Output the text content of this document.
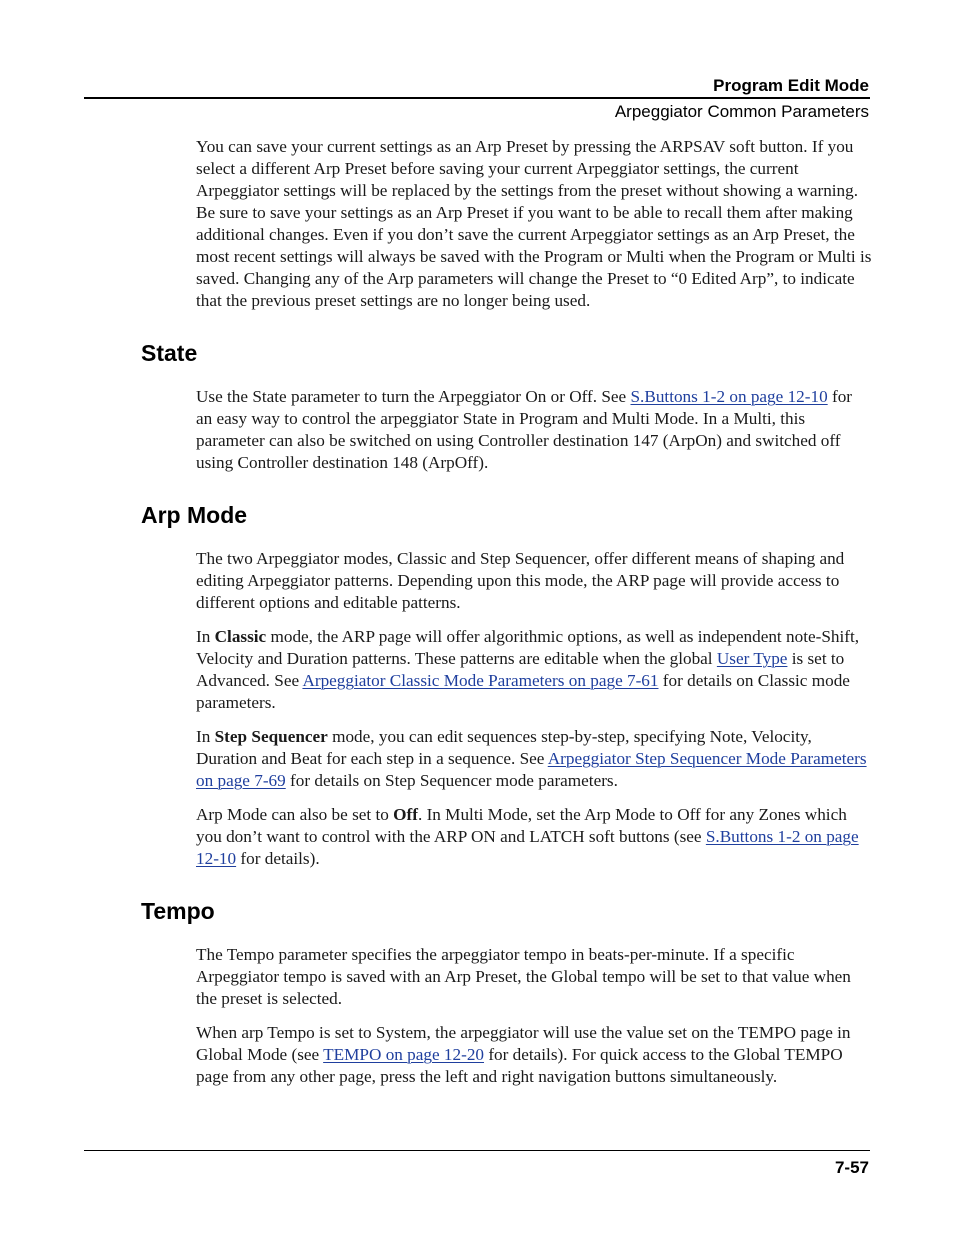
Program Edit Mode
Arpeggiator Common Parameters

You can save your current settings as an Arp Preset by pressing the ARPSAV soft button. If you select a different Arp Preset before saving your current Arpeggiator settings, the current Arpeggiator settings will be replaced by the settings from the preset without showing a warning. Be sure to save your settings as an Arp Preset if you want to be able to recall them after making additional changes. Even if you don’t save the current Arpeggiator settings as an Arp Preset, the most recent settings will always be saved with the Program or Multi when the Program or Multi is saved. Changing any of the Arp parameters will change the Preset to “0 Edited Arp”, to indicate that the previous preset settings are no longer being used.

State

Use the State parameter to turn the Arpeggiator On or Off. See S.Buttons 1-2 on page 12-10 for an easy way to control the arpeggiator State in Program and Multi Mode. In a Multi, this parameter can also be switched on using Controller destination 147 (ArpOn) and switched off using Controller destination 148 (ArpOff).

Arp Mode

The two Arpeggiator modes, Classic and Step Sequencer, offer different means of shaping and editing Arpeggiator patterns. Depending upon this mode, the ARP page will provide access to different options and editable patterns.

In Classic mode, the ARP page will offer algorithmic options, as well as independent note-Shift, Velocity and Duration patterns. These patterns are editable when the global User Type is set to Advanced. See Arpeggiator Classic Mode Parameters on page 7-61 for details on Classic mode parameters.

In Step Sequencer mode, you can edit sequences step-by-step, specifying Note, Velocity, Duration and Beat for each step in a sequence. See Arpeggiator Step Sequencer Mode Parameters on page 7-69 for details on Step Sequencer mode parameters.

Arp Mode can also be set to Off. In Multi Mode, set the Arp Mode to Off for any Zones which you don’t want to control with the ARP ON and LATCH soft buttons (see S.Buttons 1-2 on page 12-10 for details).

Tempo

The Tempo parameter specifies the arpeggiator tempo in beats-per-minute. If a specific Arpeggiator tempo is saved with an Arp Preset, the Global tempo will be set to that value when the preset is selected.

When arp Tempo is set to System, the arpeggiator will use the value set on the TEMPO page in Global Mode (see TEMPO on page 12-20 for details). For quick access to the Global TEMPO page from any other page, press the left and right navigation buttons simultaneously.

7-57
